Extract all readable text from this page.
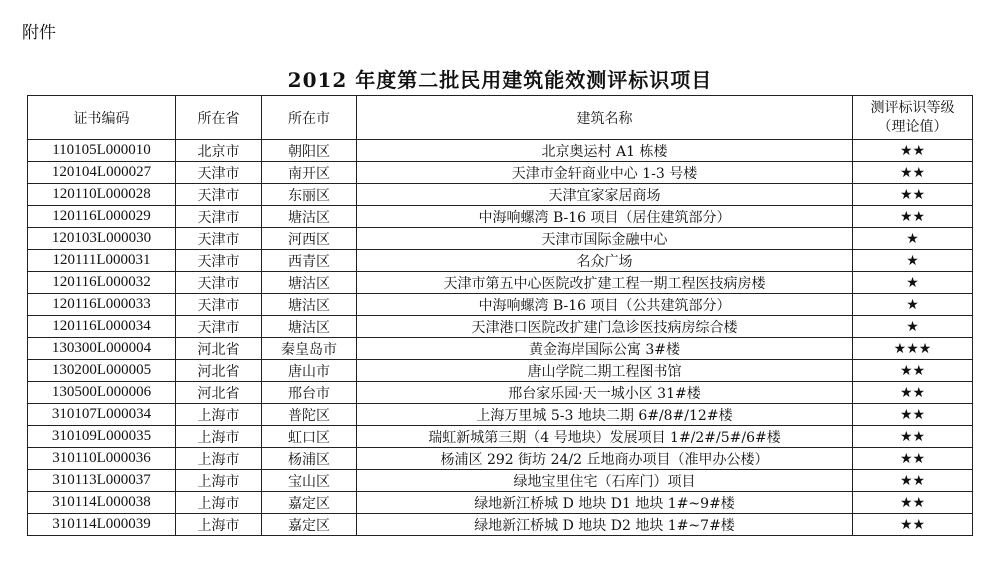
附件
2012 年度第二批民用建筑能效测评标识项目
证书编码	所在省	所在市	建筑名称	测评标识等级
（理论值）

110105L000010	北京市	朝阳区	北京奥运村 A1 栋楼	★★
120104L000027	天津市	南开区	天津市金轩商业中心 1-3 号楼	★★
120110L000028	天津市	东丽区	天津宜家家居商场	★★
120116L000029	天津市	塘沽区	中海响螺湾 B-16 项目（居住建筑部分）	★★
120103L000030	天津市	河西区	天津市国际金融中心	★
120111L000031	天津市	西青区	名众广场	★
120116L000032	天津市	塘沽区	天津市第五中心医院改扩建工程一期工程医技病房楼	★
120116L000033	天津市	塘沽区	中海响螺湾 B-16 项目（公共建筑部分）	★
120116L000034	天津市	塘沽区	天津港口医院改扩建门急诊医技病房综合楼	★
130300L000004	河北省	秦皇岛市	黄金海岸国际公寓 3#楼	★★★
130200L000005	河北省	唐山市	唐山学院二期工程图书馆	★★
130500L000006	河北省	邢台市	邢台家乐园·天一城小区 31#楼	★★
310107L000034	上海市	普陀区	上海万里城 5-3 地块二期 6#/8#/12#楼	★★
310109L000035	上海市	虹口区	瑞虹新城第三期（4 号地块）发展项目 1#/2#/5#/6#楼	★★
310110L000036	上海市	杨浦区	杨浦区 292 街坊 24/2 丘地商办项目（准甲办公楼）	★★
310113L000037	上海市	宝山区	绿地宝里住宅（石库门）项目	★★
310114L000038	上海市	嘉定区	绿地新江桥城 D 地块 D1 地块 1#~9#楼	★★
310114L000039	上海市	嘉定区	绿地新江桥城 D 地块 D2 地块 1#~7#楼	★★
